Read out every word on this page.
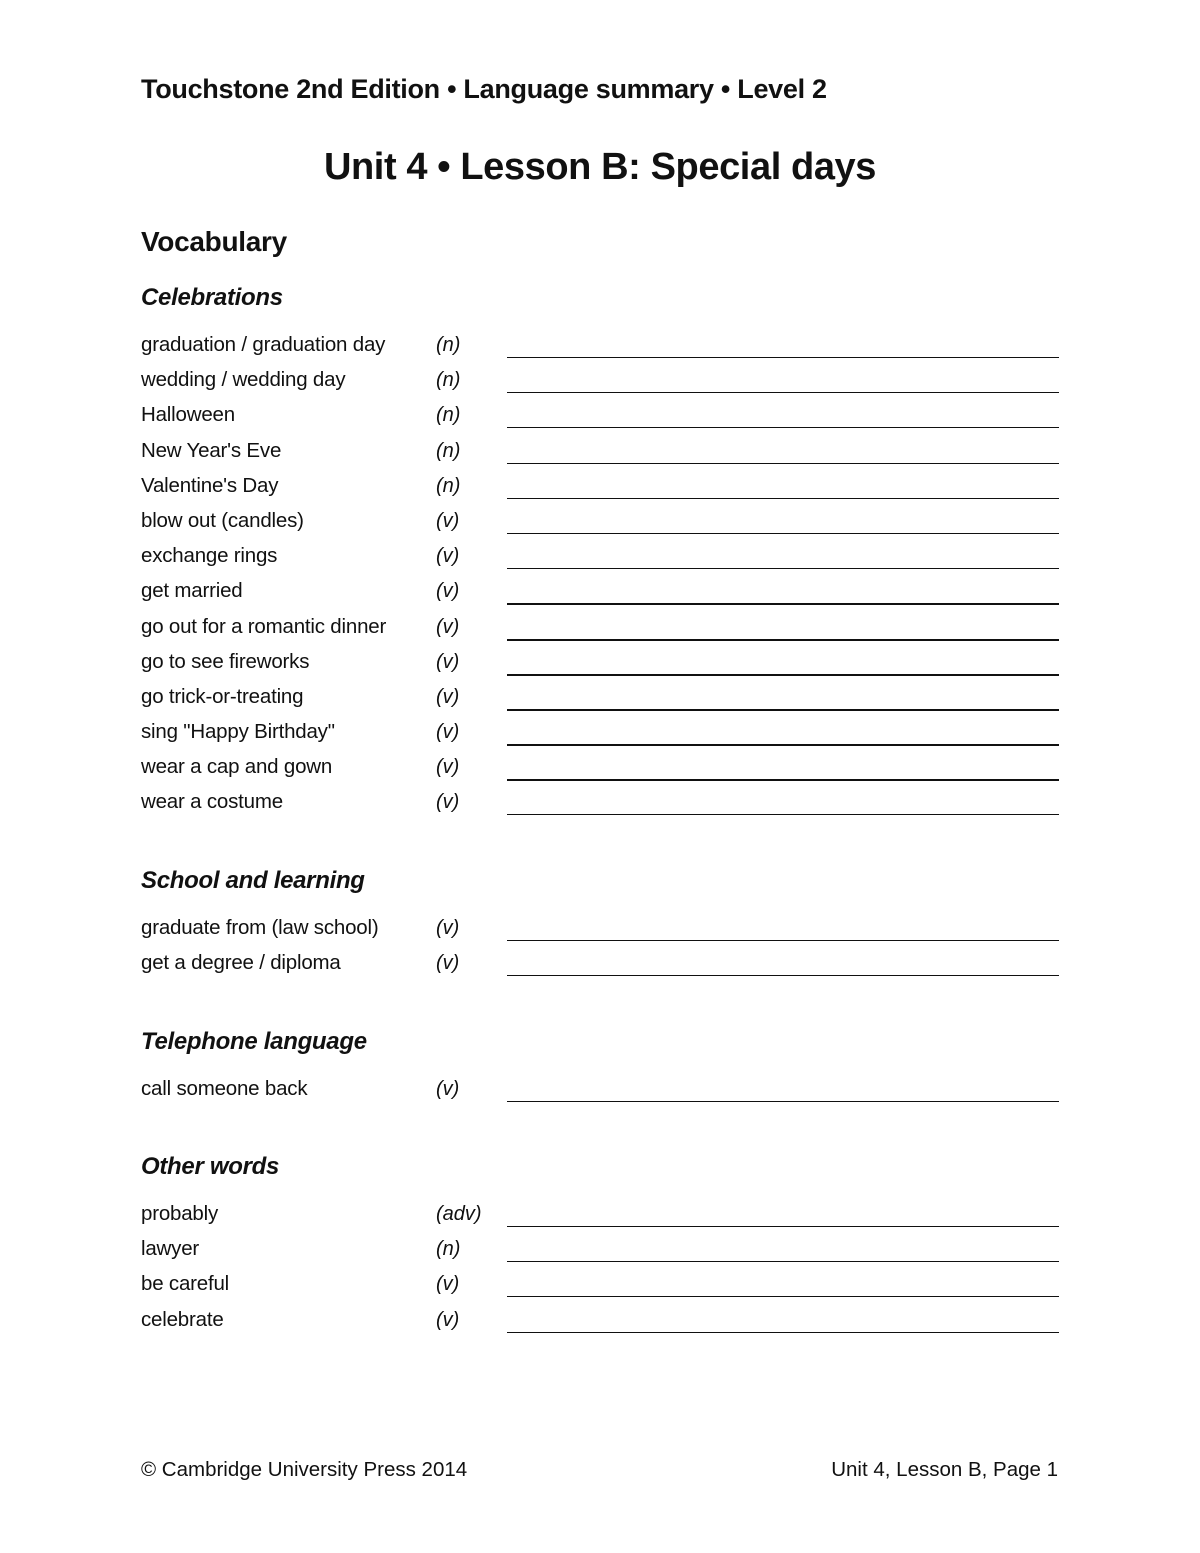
Touchstone 2nd Edition • Language summary • Level 2
Unit 4 • Lesson B: Special days
Vocabulary
Celebrations
graduation / graduation day	(n)
wedding / wedding day	(n)
Halloween	(n)
New Year's Eve	(n)
Valentine's Day	(n)
blow out (candles)	(v)
exchange rings	(v)
get married	(v)
go out for a romantic dinner (v)
go to see fireworks	(v)
go trick-or-treating	(v)
sing "Happy Birthday"	(v)
wear a cap and gown	(v)
wear a costume	(v)
School and learning
graduate from (law school)	(v)
get a degree / diploma	(v)
Telephone language
call someone back	(v)
Other words
probably	(adv)
lawyer	(n)
be careful	(v)
celebrate	(v)
© Cambridge University Press 2014	Unit 4, Lesson B, Page 1
